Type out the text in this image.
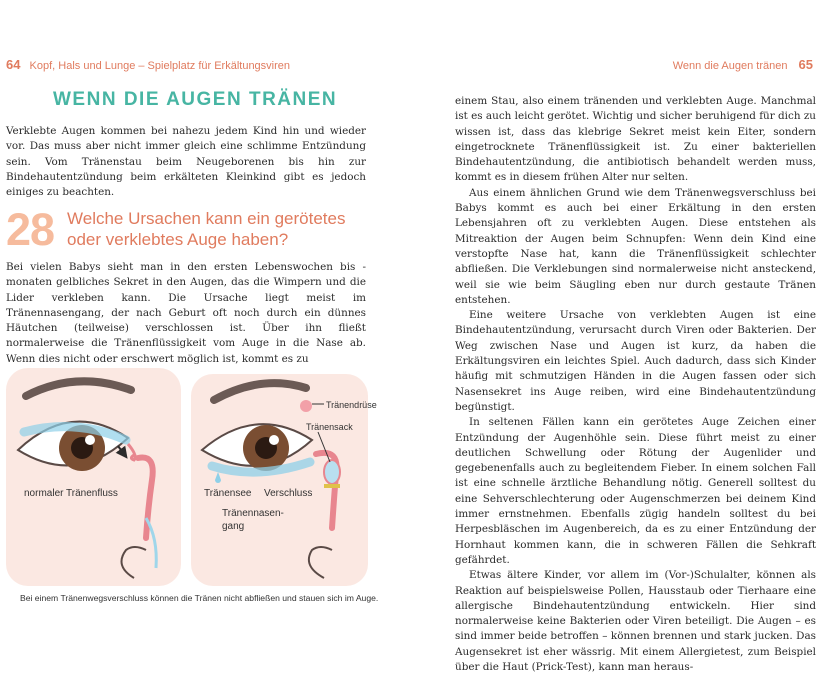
64 Kopf, Hals und Lunge – Spielplatz für Erkältungsviren	Wenn die Augen tränen 65
WENN DIE AUGEN TRÄNEN

Verklebte Augen kommen bei nahezu jedem Kind hin und wieder vor. Das muss aber nicht immer gleich eine schlimme Entzündung sein. Vom Tränenstau beim Neugeborenen bis hin zur Bindehautentzündung beim erkälteten Kleinkind gibt es jedoch einiges zu beachten.

28 Welche Ursachen kann ein gerötetes oder verklebtes Auge haben?

Bei vielen Babys sieht man in den ersten Lebenswochen bis -monaten gelbliches Sekret in den Augen, das die Wimpern und die Lider verkleben kann. Die Ursache liegt meist im Tränennasengang, der nach Geburt oft noch durch ein dünnes Häutchen (teilweise) verschlossen ist. Über ihn fließt normalerweise die Tränenflüssigkeit vom Auge in die Nase ab. Wenn dies nicht oder erschwert möglich ist, kommt es zu

normaler Tränenfluss
Tränendrüse
Tränensack
Tränensee Verschluss
Tränennasen-
gang
Bei einem Tränenwegsverschluss können die Tränen nicht abfließen und stauen sich im Auge.

einem Stau, also einem tränenden und verklebten Auge. Manchmal ist es auch leicht gerötet. Wichtig und sicher beruhigend für dich zu wissen ist, dass das klebrige Sekret meist kein Eiter, sondern eingetrocknete Tränenflüssigkeit ist. Zu einer bakteriellen Bindehautentzündung, die antibiotisch behandelt werden muss, kommt es in diesem frühen Alter nur selten.

Aus einem ähnlichen Grund wie dem Tränenwegsverschluss bei Babys kommt es auch bei einer Erkältung in den ersten Lebensjahren oft zu verklebten Augen. Diese entstehen als Mitreaktion der Augen beim Schnupfen: Wenn dein Kind eine verstopfte Nase hat, kann die Tränenflüssigkeit schlechter abfließen. Die Verklebungen sind normalerweise nicht ansteckend, weil sie wie beim Säugling eben nur durch gestaute Tränen entstehen.

Eine weitere Ursache von verklebten Augen ist eine Bindehautentzündung, verursacht durch Viren oder Bakterien. Der Weg zwischen Nase und Augen ist kurz, da haben die Erkältungsviren ein leichtes Spiel. Auch dadurch, dass sich Kinder häufig mit schmutzigen Händen in die Augen fassen oder sich Nasensekret ins Auge reiben, wird eine Bindehautentzündung begünstigt.

In seltenen Fällen kann ein gerötetes Auge Zeichen einer Entzündung der Augenhöhle sein. Diese führt meist zu einer deutlichen Schwellung oder Rötung der Augenlider und gegebenenfalls auch zu begleitendem Fieber. In einem solchen Fall ist eine schnelle ärztliche Behandlung nötig. Generell solltest du eine Sehverschlechterung oder Augenschmerzen bei deinem Kind immer ernstnehmen. Ebenfalls zügig handeln solltest du bei Herpesbläschen im Augenbereich, da es zu einer Entzündung der Hornhaut kommen kann, die in schweren Fällen die Sehkraft gefährdet.

Etwas ältere Kinder, vor allem im (Vor-)Schulalter, können als Reaktion auf beispielsweise Pollen, Hausstaub oder Tierhaare eine allergische Bindehautentzündung entwickeln. Hier sind normalerweise keine Bakterien oder Viren beteiligt. Die Augen – es sind immer beide betroffen – können brennen und stark jucken. Das Augensekret ist eher wässrig. Mit einem Allergietest, zum Beispiel über die Haut (Prick-Test), kann man heraus-
